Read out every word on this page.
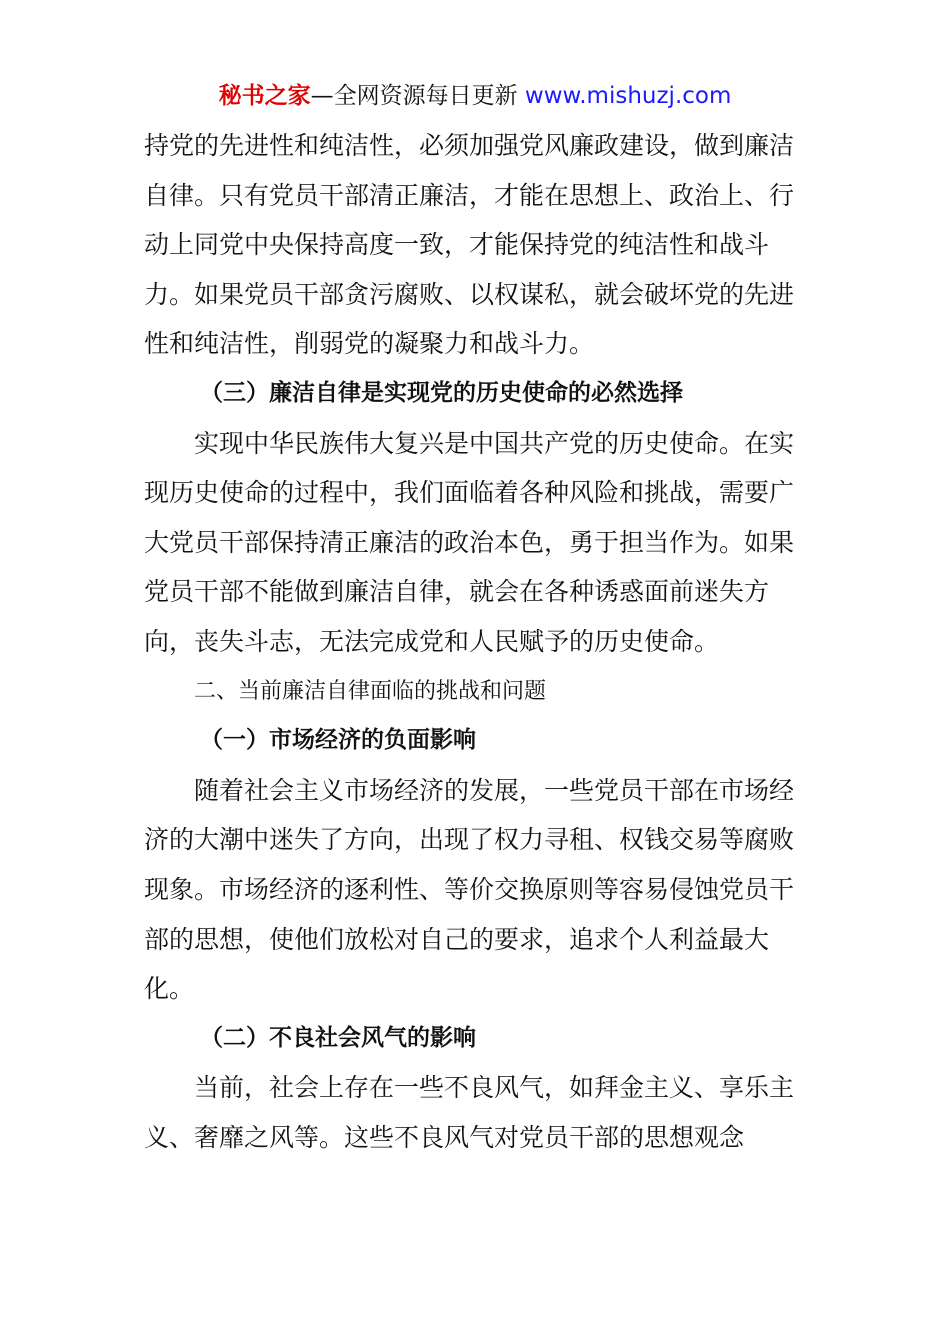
秘书之家—全网资源每日更新 www.mishuzj.com

持党的先进性和纯洁性，必须加强党风廉政建设，做到廉洁自律。只有党员干部清正廉洁，才能在思想上、政治上、行动上同党中央保持高度一致，才能保持党的纯洁性和战斗力。如果党员干部贪污腐败、以权谋私，就会破坏党的先进性和纯洁性，削弱党的凝聚力和战斗力。

（三）廉洁自律是实现党的历史使命的必然选择

实现中华民族伟大复兴是中国共产党的历史使命。在实现历史使命的过程中，我们面临着各种风险和挑战，需要广大党员干部保持清正廉洁的政治本色，勇于担当作为。如果党员干部不能做到廉洁自律，就会在各种诱惑面前迷失方向，丧失斗志，无法完成党和人民赋予的历史使命。

二、当前廉洁自律面临的挑战和问题

（一）市场经济的负面影响

随着社会主义市场经济的发展，一些党员干部在市场经济的大潮中迷失了方向，出现了权力寻租、权钱交易等腐败现象。市场经济的逐利性、等价交换原则等容易侵蚀党员干部的思想，使他们放松对自己的要求，追求个人利益最大化。

（二）不良社会风气的影响

当前，社会上存在一些不良风气，如拜金主义、享乐主义、奢靡之风等。这些不良风气对党员干部的思想观念
